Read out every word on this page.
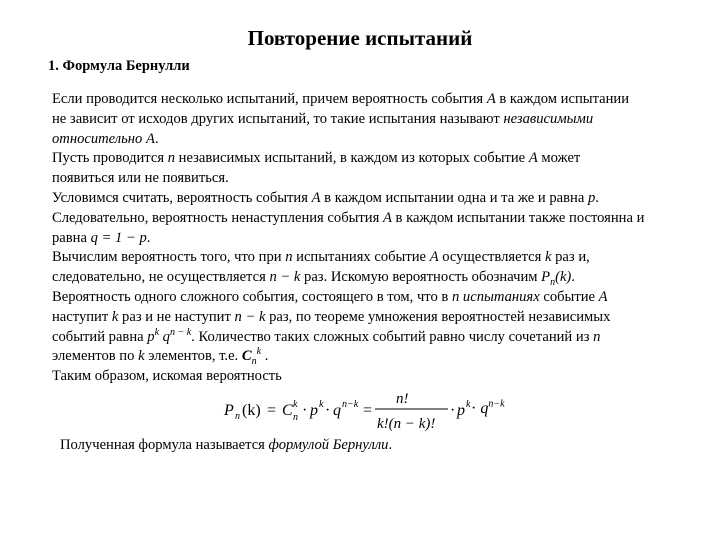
Повторение испытаний
1. Формула Бернулли
Если проводится несколько испытаний, причем вероятность события А в каждом испытании
не зависит от исходов других испытаний, то такие испытания называют независимыми
относительно А.
Пусть проводится n независимых испытаний, в каждом из которых событие А может
появиться или не появиться.
Условимся считать, вероятность события А в каждом испытании одна и та же и равна p.
Следовательно, вероятность ненаступления события А в каждом испытании также постоянна и
равна q = 1 − p.
Вычислим вероятность того, что при n испытаниях событие А осуществляется k раз и,
следовательно, не осуществляется n − k раз. Искомую вероятность обозначим $P_n(k)$.
Вероятность одного сложного события, состоящего в том, что в n испытаниях событие А
наступит k раз и не наступит n − k раз, по теореме умножения вероятностей независимых
событий равна $p^k$ $q^{n - k}$. Количество таких сложных событий равно числу сочетаний из n
элементов по k элементов, т.е. $C_n^k$ .
Таким образом, искомая вероятность
P n (k) = C k
n · p k · q n−k =
n!
k!(n − k)!
· p $k \cdot q^{n-k}$
Полученная формула называется формулой Бернулли.
